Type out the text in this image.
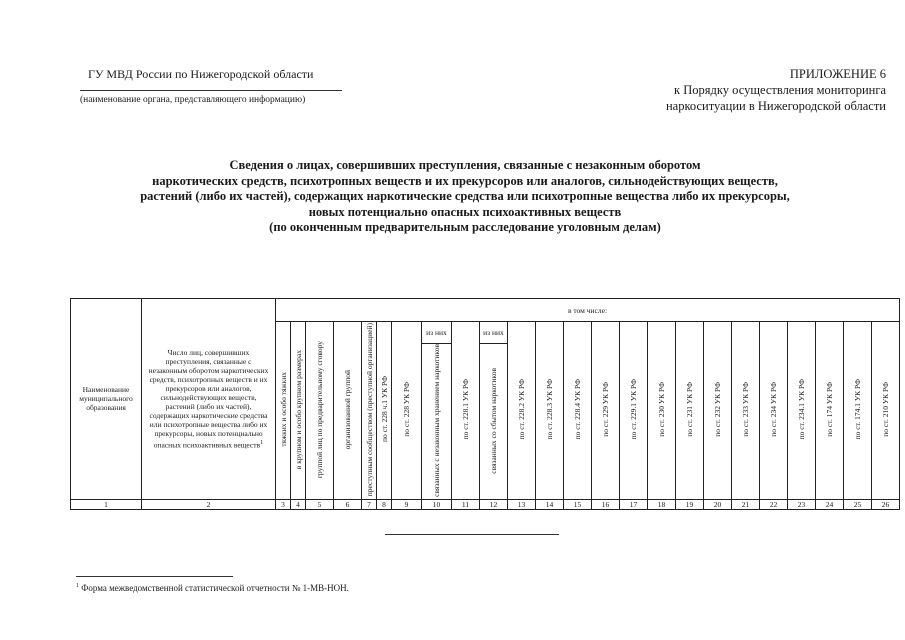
ГУ МВД России по Нижегородской области
(наименование органа, представляющего информацию)
ПРИЛОЖЕНИЕ 6
к Порядку осуществления мониторинга
наркоситуации в Нижегородской области
Сведения о лицах, совершивших преступления, связанные с незаконным оборотом
наркотических средств, психотропных веществ и их прекурсоров или аналогов, сильнодействующих веществ,
растений (либо их частей), содержащих наркотические средства или психотропные вещества либо их прекурсоры,
новых потенциально опасных психоактивных веществ
(по оконченным предварительным расследование уголовным делам)
Наименование муниципального образования	Число лиц, совершивших преступления, связанные с незаконным оборотом наркотических средств, психотропных веществ и их прекурсоров или аналогов, сильнодействующих веществ, растений (либо их частей), содержащих наркотические средства или психотропные вещества либо их прекурсоры, новых потенциально опасных психоактивных веществ$^1$	в том числе:																							
		тяжких и особо тяжких	в крупном и особо крупном размерах	группой лиц по предварительному сговору	организованной группой	преступным сообществом (преступной организацией)	по ст. 228 ч.1 УК РФ	по ст. 228 УК РФ	из них	по ст. 228.1 УК РФ	из них	по ст. 228.2 УК РФ	по ст. 228.3 УК РФ	по ст. 228.4 УК РФ	по ст. 229 УК РФ	по ст. 229.1 УК РФ	по ст. 230 УК РФ	по ст. 231 УК РФ	по ст. 232 УК РФ	по ст. 233 УК РФ	по ст. 234 УК РФ	по ст. 234.1 УК РФ	по ст. 174 УК РФ	по ст. 174.1 УК РФ	по ст. 210 УК РФ
									связанных с незаконным хранением наркотиков		связанных со сбытом наркотиков														
1	2	3	4	5	6	7	8	9	10	11	12	13	14	15	16	17	18	19	20	21	22	23	24	25	26
$^1$ Форма межведомственной статистической отчетности № 1-МВ-НОН.
